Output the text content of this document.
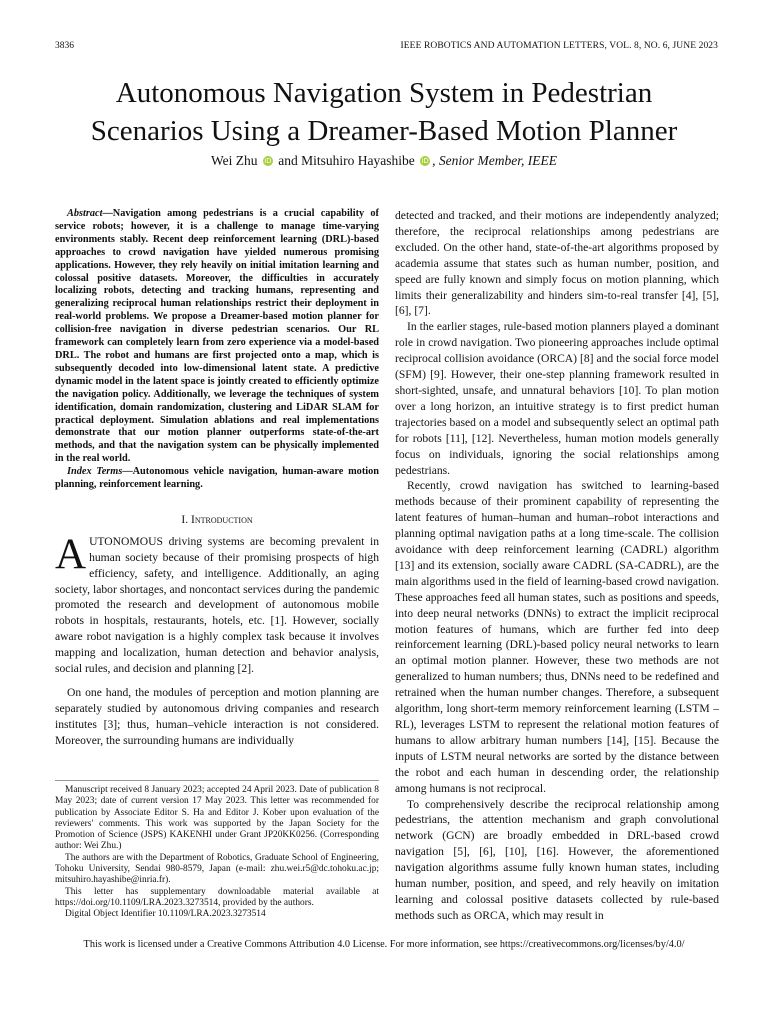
3836	IEEE ROBOTICS AND AUTOMATION LETTERS, VOL. 8, NO. 6, JUNE 2023
Autonomous Navigation System in Pedestrian
Scenarios Using a Dreamer-Based Motion Planner
Wei Zhu iD and Mitsuhiro Hayashibe iD , Senior Member, IEEE

Abstract—Navigation among pedestrians is a crucial capability of service robots; however, it is a challenge to manage time-varying environments stably. Recent deep reinforcement learning (DRL)-based approaches to crowd navigation have yielded numerous promising applications. However, they rely heavily on initial imitation learning and colossal positive datasets. Moreover, the difficulties in accurately localizing robots, detecting and tracking humans, representing and generalizing reciprocal human relationships restrict their deployment in real-world problems. We propose a Dreamer-based motion planner for collision-free navigation in diverse pedestrian scenarios. Our RL framework can completely learn from zero experience via a model-based DRL. The robot and humans are first projected onto a map, which is subsequently decoded into low-dimensional latent state. A predictive dynamic model in the latent space is jointly created to efficiently optimize the navigation policy. Additionally, we leverage the techniques of system identification, domain randomization, clustering and LiDAR SLAM for practical deployment. Simulation ablations and real implementations demonstrate that our motion planner outperforms state-of-the-art methods, and that the navigation system can be physically implemented in the real world.

Index Terms—Autonomous vehicle navigation, human-aware motion planning, reinforcement learning.

I. Introduction

AUTONOMOUS driving systems are becoming prevalent in human society because of their promising prospects of high efficiency, safety, and intelligence. Additionally, an aging society, labor shortages, and noncontact services during the pandemic promoted the research and development of autonomous mobile robots in hospitals, restaurants, hotels, etc. [1]. However, socially aware robot navigation is a highly complex task because it involves mapping and localization, human detection and behavior analysis, social rules, and decision and planning [2].

On one hand, the modules of perception and motion planning are separately studied by autonomous driving companies and research institutes [3]; thus, human–vehicle interaction is not considered. Moreover, the surrounding humans are individually

Manuscript received 8 January 2023; accepted 24 April 2023. Date of publication 8 May 2023; date of current version 17 May 2023. This letter was recommended for publication by Associate Editor S. Ha and Editor J. Kober upon evaluation of the reviewers' comments. This work was supported by the Japan Society for the Promotion of Science (JSPS) KAKENHI under Grant JP20KK0256. (Corresponding author: Wei Zhu.)

The authors are with the Department of Robotics, Graduate School of Engineering, Tohoku University, Sendai 980-8579, Japan (e-mail: zhu.wei.r5@dc.tohoku.ac.jp; mitsuhiro.hayashibe@inria.fr).

This letter has supplementary downloadable material available at https://doi.org/10.1109/LRA.2023.3273514, provided by the authors.

Digital Object Identifier 10.1109/LRA.2023.3273514

detected and tracked, and their motions are independently analyzed; therefore, the reciprocal relationships among pedestrians are excluded. On the other hand, state-of-the-art algorithms proposed by academia assume that states such as human number, position, and speed are fully known and simply focus on motion planning, which limits their generalizability and hinders sim-to-real transfer [4], [5], [6], [7].

In the earlier stages, rule-based motion planners played a dominant role in crowd navigation. Two pioneering approaches include optimal reciprocal collision avoidance (ORCA) [8] and the social force model (SFM) [9]. However, their one-step planning framework resulted in short-sighted, unsafe, and unnatural behaviors [10]. To plan motion over a long horizon, an intuitive strategy is to first predict human trajectories based on a model and subsequently select an optimal path for robots [11], [12]. Nevertheless, human motion models generally focus on individuals, ignoring the social relationships among pedestrians.

Recently, crowd navigation has switched to learning-based methods because of their prominent capability of representing the latent features of human–human and human–robot interactions and planning optimal navigation paths at a long time-scale. The collision avoidance with deep reinforcement learning (CADRL) algorithm [13] and its extension, socially aware CADRL (SA-CADRL), are the main algorithms used in the field of learning-based crowd navigation. These approaches feed all human states, such as positions and speeds, into deep neural networks (DNNs) to extract the implicit reciprocal motion features of humans, which are further fed into deep reinforcement learning (DRL)-based policy neural networks to learn an optimal motion planner. However, these two methods are not generalized to human numbers; thus, DNNs need to be redefined and retrained when the human number changes. Therefore, a subsequent algorithm, long short-term memory reinforcement learning (LSTM – RL), leverages LSTM to represent the relational motion features of humans to allow arbitrary human numbers [14], [15]. Because the inputs of LSTM neural networks are sorted by the distance between the robot and each human in descending order, the relationship among humans is not reciprocal.

To comprehensively describe the reciprocal relationship among pedestrians, the attention mechanism and graph convolutional network (GCN) are broadly embedded in DRL-based crowd navigation [5], [6], [10], [16]. However, the aforementioned navigation algorithms assume fully known human states, including human number, position, and speed, and rely heavily on imitation learning and colossal positive datasets collected by rule-based methods such as ORCA, which may result in

This work is licensed under a Creative Commons Attribution 4.0 License. For more information, see https://creativecommons.org/licenses/by/4.0/
